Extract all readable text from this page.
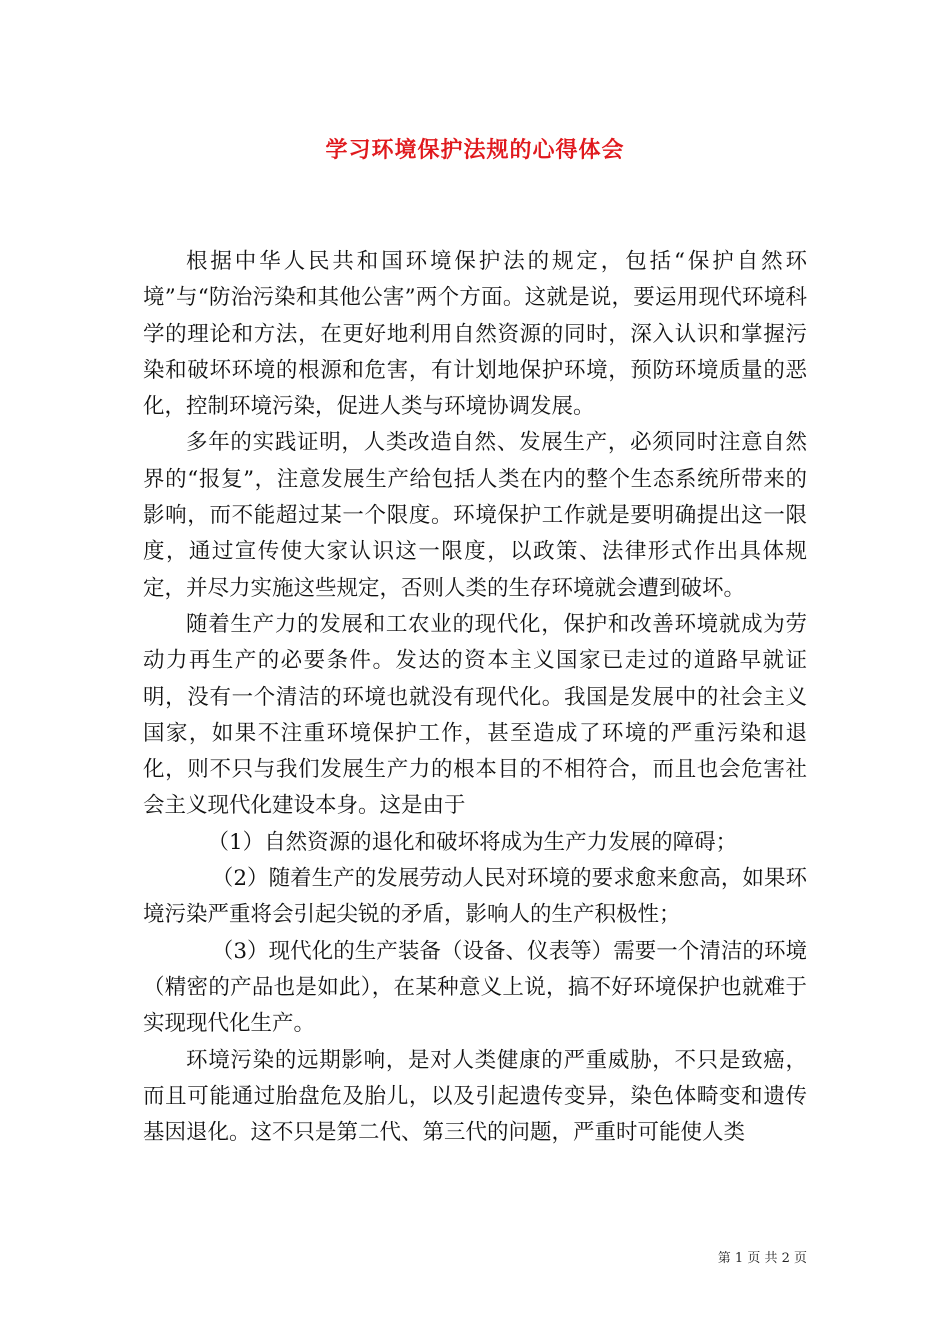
学习环境保护法规的心得体会

根据中华人民共和国环境保护法的规定，包括“保护自然环境”与“防治污染和其他公害”两个方面。这就是说，要运用现代环境科学的理论和方法，在更好地利用自然资源的同时，深入认识和掌握污染和破坏环境的根源和危害，有计划地保护环境，预防环境质量的恶化，控制环境污染，促进人类与环境协调发展。

多年的实践证明，人类改造自然、发展生产，必须同时注意自然界的“报复”，注意发展生产给包括人类在内的整个生态系统所带来的影响，而不能超过某一个限度。环境保护工作就是要明确提出这一限度，通过宣传使大家认识这一限度，以政策、法律形式作出具体规定，并尽力实施这些规定，否则人类的生存环境就会遭到破坏。

随着生产力的发展和工农业的现代化，保护和改善环境就成为劳动力再生产的必要条件。发达的资本主义国家已走过的道路早就证明，没有一个清洁的环境也就没有现代化。我国是发展中的社会主义国家，如果不注重环境保护工作，甚至造成了环境的严重污染和退化，则不只与我们发展生产力的根本目的不相符合，而且也会危害社会主义现代化建设本身。这是由于

（1）自然资源的退化和破坏将成为生产力发展的障碍；

（2）随着生产的发展劳动人民对环境的要求愈来愈高，如果环境污染严重将会引起尖锐的矛盾，影响人的生产积极性；

（3）现代化的生产装备（设备、仪表等）需要一个清洁的环境（精密的产品也是如此），在某种意义上说，搞不好环境保护也就难于实现现代化生产。

环境污染的远期影响，是对人类健康的严重威胁，不只是致癌，而且可能通过胎盘危及胎儿，以及引起遗传变异，染色体畸变和遗传基因退化。这不只是第二代、第三代的问题，严重时可能使人类

第 1 页 共 2 页
